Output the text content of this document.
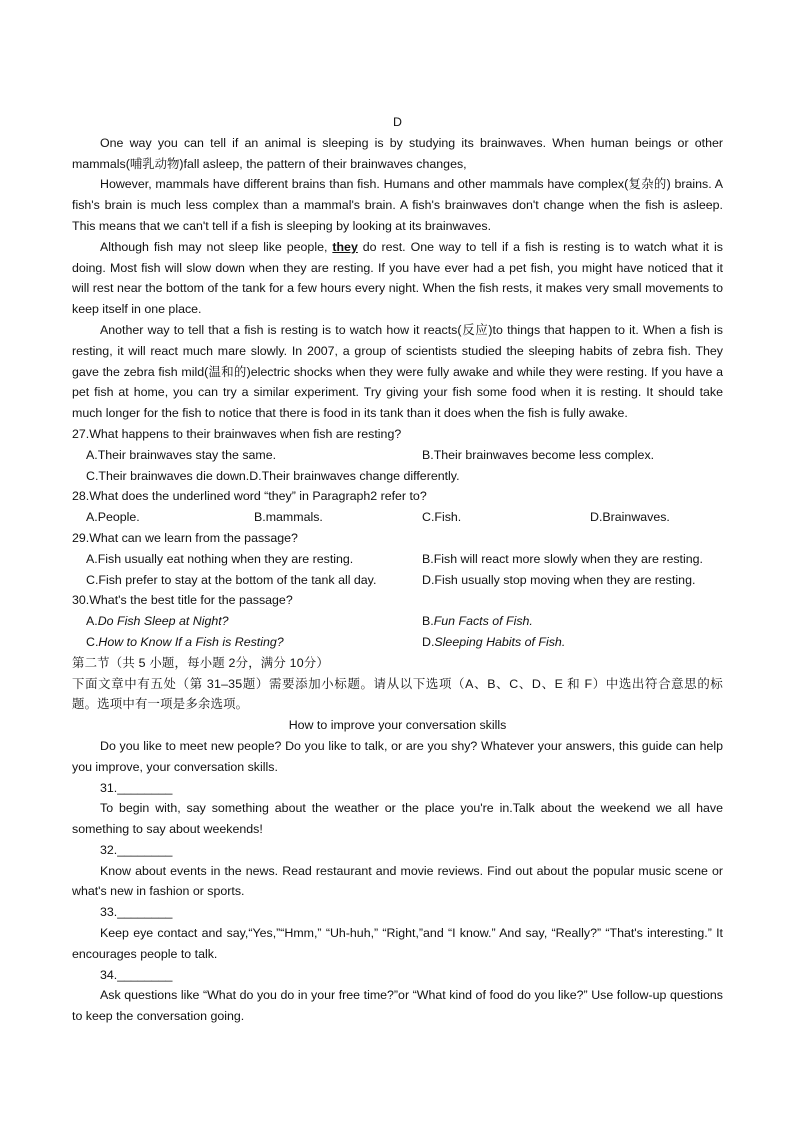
D

One way you can tell if an animal is sleeping is by studying its brainwaves. When human beings or other mammals(哺乳动物)fall asleep, the pattern of their brainwaves changes,

However, mammals have different brains than fish. Humans and other mammals have complex(复杂的) brains. A fish's brain is much less complex than a mammal's brain. A fish's brainwaves don't change when the fish is asleep. This means that we can't tell if a fish is sleeping by looking at its brainwaves.

Although fish may not sleep like people, they do rest. One way to tell if a fish is resting is to watch what it is doing. Most fish will slow down when they are resting. If you have ever had a pet fish, you might have noticed that it will rest near the bottom of the tank for a few hours every night. When the fish rests, it makes very small movements to keep itself in one place.

Another way to tell that a fish is resting is to watch how it reacts(反应)to things that happen to it. When a fish is resting, it will react much mare slowly. In 2007, a group of scientists studied the sleeping habits of zebra fish. They gave the zebra fish mild(温和的)electric shocks when they were fully awake and while they were resting. If you have a pet fish at home, you can try a similar experiment. Try giving your fish some food when it is resting. It should take much longer for the fish to notice that there is food in its tank than it does when the fish is fully awake.

27.What happens to their brainwaves when fish are resting?

A.Their brainwaves stay the same.	B.Their brainwaves become less complex.
C.Their brainwaves die down.D.Their brainwaves change differently.

28.What does the underlined word “they” in Paragraph2 refer to?

A.People.	B.mammals.	C.Fish.	D.Brainwaves.

29.What can we learn from the passage?

A.Fish usually eat nothing when they are resting.	B.Fish will react more slowly when they are resting.
C.Fish prefer to stay at the bottom of the tank all day.	D.Fish usually stop moving when they are resting.

30.What's the best title for the passage?

A.Do Fish Sleep at Night?	B.Fun Facts of Fish.
C.How to Know If a Fish is Resting?	D.Sleeping Habits of Fish.

第二节（共 5 小题，每小题 2分，满分 10分）

下面文章中有五处（第 31–35题）需要添加小标题。请从以下选项（A、B、C、D、E 和 F）中选出符合意思的标题。选项中有一项是多余选项。

How to improve your conversation skills

Do you like to meet new people? Do you like to talk, or are you shy? Whatever your answers, this guide can help you improve, your conversation skills.

31.________

To begin with, say something about the weather or the place you're in.Talk about the weekend we all have something to say about weekends!

32.________

Know about events in the news. Read restaurant and movie reviews. Find out about the popular music scene or what's new in fashion or sports.

33.________

Keep eye contact and say,“Yes,”“Hmm,” “Uh-huh,” “Right,”and “I know.” And say, “Really?” “That's interesting.” It encourages people to talk.

34.________

Ask questions like “What do you do in your free time?”or “What kind of food do you like?” Use follow-up questions to keep the conversation going.
